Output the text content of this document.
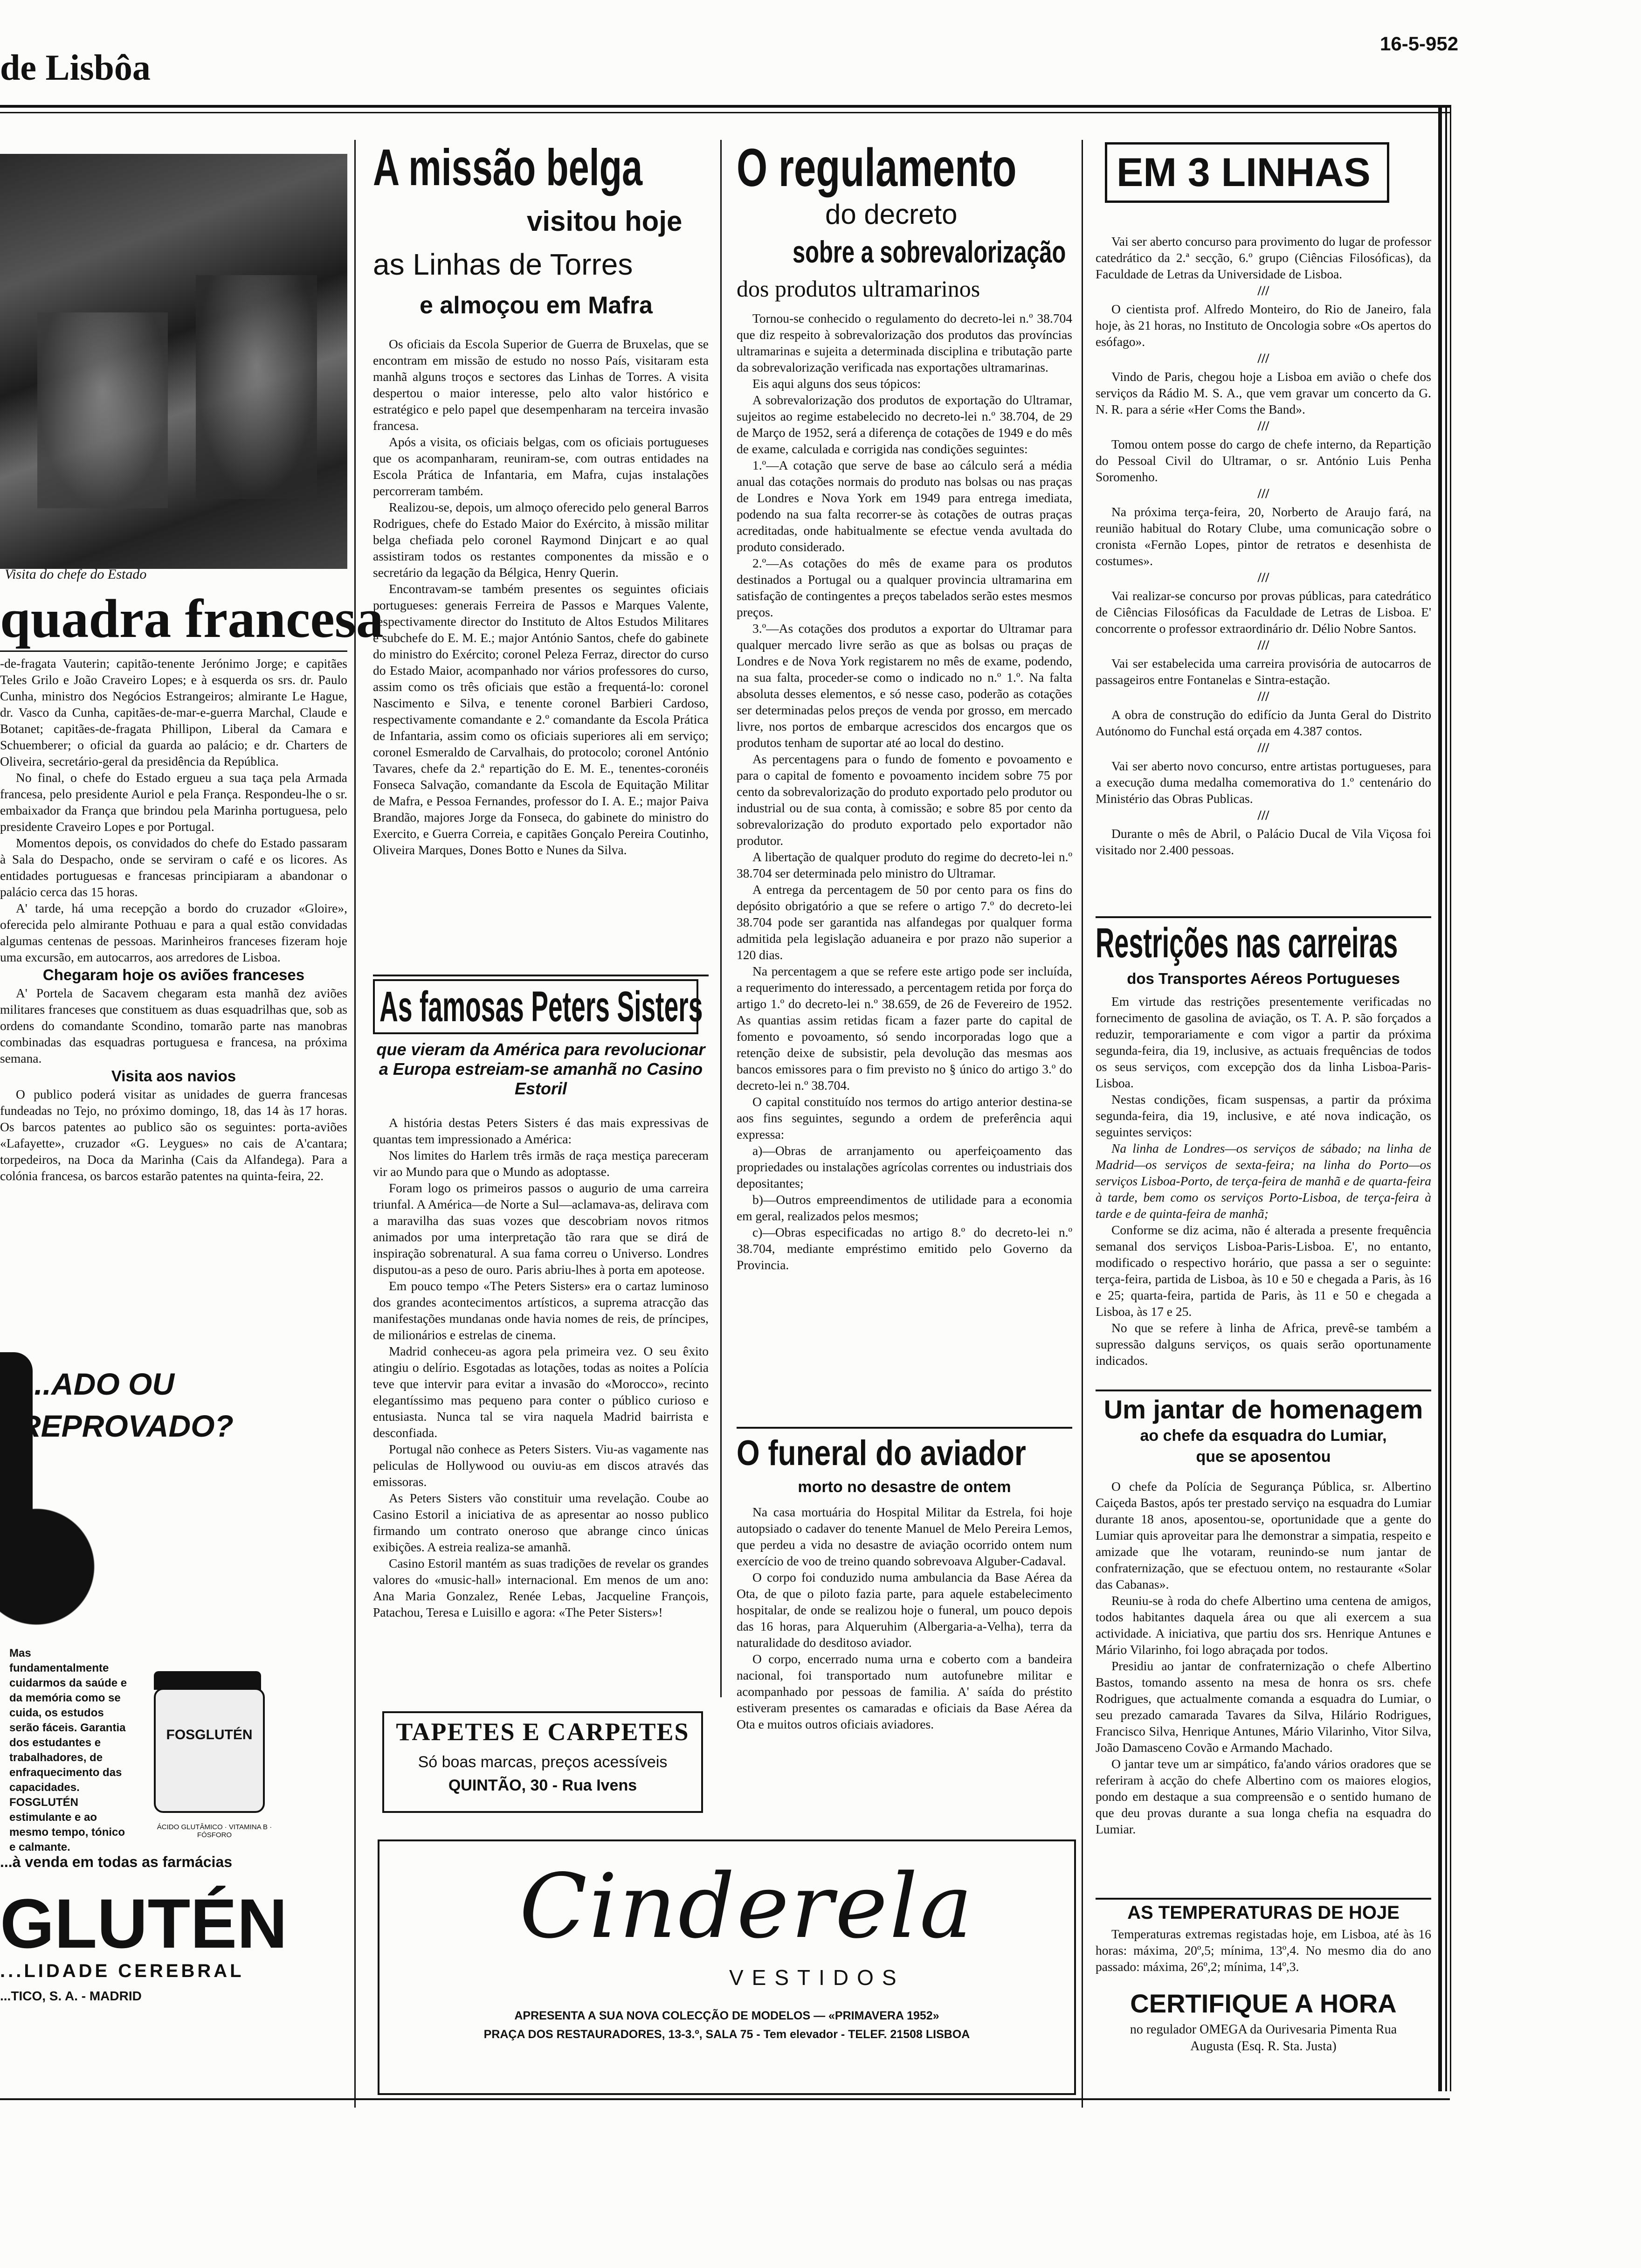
de Lisbôa
16-5-952
Visita do chefe do Estado
quadra francesa

-de-fragata Vauterin; capitão-tenente Jerónimo Jorge; e capitães Teles Grilo e João Craveiro Lopes; e à esquerda os srs. dr. Paulo Cunha, ministro dos Negócios Estrangeiros; almirante Le Hague, dr. Vasco da Cunha, capitães-de-mar-e-guerra Marchal, Claude e Botanet; capitães-de-fragata Phillipon, Liberal da Camara e Schuemberer; o oficial da guarda ao palácio; e dr. Charters de Oliveira, secretário-geral da presidência da República.

No final, o chefe do Estado ergueu a sua taça pela Armada francesa, pelo presidente Auriol e pela França. Respondeu-lhe o sr. embaixador da França que brindou pela Marinha portuguesa, pelo presidente Craveiro Lopes e por Portugal.

Momentos depois, os convidados do chefe do Estado passaram à Sala do Despacho, onde se serviram o café e os licores. As entidades portuguesas e francesas principiaram a abandonar o palácio cerca das 15 horas.

A' tarde, há uma recepção a bordo do cruzador «Gloire», oferecida pelo almirante Pothuau e para a qual estão convidadas algumas centenas de pessoas. Marinheiros franceses fizeram hoje uma excursão, em autocarros, aos arredores de Lisboa.

Chegaram hoje os aviões franceses

A' Portela de Sacavem chegaram esta manhã dez aviões militares franceses que constituem as duas esquadrilhas que, sob as ordens do comandante Scondino, tomarão parte nas manobras combinadas das esquadras portuguesa e francesa, na próxima semana.

Visita aos navios

O publico poderá visitar as unidades de guerra francesas fundeadas no Tejo, no próximo domingo, 18, das 14 às 17 horas. Os barcos patentes ao publico são os seguintes: porta-aviões «Lafayette», cruzador «G. Leygues» no cais de A'cantara; torpedeiros, na Doca da Marinha (Cais da Alfandega). Para a colónia francesa, os barcos estarão patentes na quinta-feira, 22.

...ADO OU
REPROVADO?
Mas fundamentalmente cuidarmos da saúde e da memória como se cuida, os estudos serão fáceis. Garantia dos estudantes e trabalhadores, de enfraquecimento das capacidades. FOSGLUTÉN estimulante e ao mesmo tempo, tónico e calmante.
FOSGLUTÉN
ÁCIDO GLUTÂMICO · VITAMINA B · FÓSFORO
...à venda em todas as farmácias
GLUTÉN
...LIDADE CEREBRAL
...TICO, S. A. - MADRID
A missão belga
visitou hoje
as Linhas de Torres
e almoçou em Mafra

Os oficiais da Escola Superior de Guerra de Bruxelas, que se encontram em missão de estudo no nosso País, visitaram esta manhã alguns troços e sectores das Linhas de Torres. A visita despertou o maior interesse, pelo alto valor histórico e estratégico e pelo papel que desempenharam na terceira invasão francesa.

Após a visita, os oficiais belgas, com os oficiais portugueses que os acompanharam, reuniram-se, com outras entidades na Escola Prática de Infantaria, em Mafra, cujas instalações percorreram também.

Realizou-se, depois, um almoço oferecido pelo general Barros Rodrigues, chefe do Estado Maior do Exército, à missão militar belga chefiada pelo coronel Raymond Dinjcart e ao qual assistiram todos os restantes componentes da missão e o secretário da legação da Bélgica, Henry Querin.

Encontravam-se também presentes os seguintes oficiais portugueses: generais Ferreira de Passos e Marques Valente, respectivamente director do Instituto de Altos Estudos Militares e subchefe do E. M. E.; major António Santos, chefe do gabinete do ministro do Exército; coronel Peleza Ferraz, director do curso do Estado Maior, acompanhado nor vários professores do curso, assim como os três oficiais que estão a frequentá-lo: coronel Nascimento e Silva, e tenente coronel Barbieri Cardoso, respectivamente comandante e 2.º comandante da Escola Prática de Infantaria, assim como os oficiais superiores ali em serviço; coronel Esmeraldo de Carvalhais, do protocolo; coronel António Tavares, chefe da 2.ª repartição do E. M. E., tenentes-coronéis Fonseca Salvação, comandante da Escola de Equitação Militar de Mafra, e Pessoa Fernandes, professor do I. A. E.; major Paiva Brandão, majores Jorge da Fonseca, do gabinete do ministro do Exercito, e Guerra Correia, e capitães Gonçalo Pereira Coutinho, Oliveira Marques, Dones Botto e Nunes da Silva.

As famosas Peters Sisters
que vieram da América para revolucionar a Europa estreiam-se amanhã no Casino Estoril

A história destas Peters Sisters é das mais expressivas de quantas tem impressionado a América:

Nos limites do Harlem três irmãs de raça mestiça pareceram vir ao Mundo para que o Mundo as adoptasse.

Foram logo os primeiros passos o augurio de uma carreira triunfal. A América—de Norte a Sul—aclamava-as, delirava com a maravilha das suas vozes que descobriam novos ritmos animados por uma interpretação tão rara que se dirá de inspiração sobrenatural. A sua fama correu o Universo. Londres disputou-as a peso de ouro. Paris abriu-lhes à porta em apoteose.

Em pouco tempo «The Peters Sisters» era o cartaz luminoso dos grandes acontecimentos artísticos, a suprema atracção das manifestações mundanas onde havia nomes de reis, de príncipes, de milionários e estrelas de cinema.

Madrid conheceu-as agora pela primeira vez. O seu êxito atingiu o delírio. Esgotadas as lotações, todas as noites a Polícia teve que intervir para evitar a invasão do «Morocco», recinto elegantíssimo mas pequeno para conter o público curioso e entusiasta. Nunca tal se vira naquela Madrid bairrista e desconfiada.

Portugal não conhece as Peters Sisters. Viu-as vagamente nas peliculas de Hollywood ou ouviu-as em discos através das emissoras.

As Peters Sisters vão constituir uma revelação. Coube ao Casino Estoril a iniciativa de as apresentar ao nosso publico firmando um contrato oneroso que abrange cinco únicas exibições. A estreia realiza-se amanhã.

Casino Estoril mantém as suas tradições de revelar os grandes valores do «music-hall» internacional. Em menos de um ano: Ana Maria Gonzalez, Renée Lebas, Jacqueline François, Patachou, Teresa e Luisillo e agora: «The Peter Sisters»!

TAPETES E CARPETES
Só boas marcas, preços acessíveis
QUINTÃO, 30 - Rua Ivens
O regulamento
do decreto
sobre a sobrevalorização
dos produtos ultramarinos

Tornou-se conhecido o regulamento do decreto-lei n.º 38.704 que diz respeito à sobrevalorização dos produtos das províncias ultramarinas e sujeita a determinada disciplina e tributação parte da sobrevalorização verificada nas exportações ultramarinas.

Eis aqui alguns dos seus tópicos:

A sobrevalorização dos produtos de exportação do Ultramar, sujeitos ao regime estabelecido no decreto-lei n.º 38.704, de 29 de Março de 1952, será a diferença de cotações de 1949 e do mês de exame, calculada e corrigida nas condições seguintes:

1.º—A cotação que serve de base ao cálculo será a média anual das cotações normais do produto nas bolsas ou nas praças de Londres e Nova York em 1949 para entrega imediata, podendo na sua falta recorrer-se às cotações de outras praças acreditadas, onde habitualmente se efectue venda avultada do produto considerado.

2.º—As cotações do mês de exame para os produtos destinados a Portugal ou a qualquer provincia ultramarina em satisfação de contingentes a preços tabelados serão estes mesmos preços.

3.º—As cotações dos produtos a exportar do Ultramar para qualquer mercado livre serão as que as bolsas ou praças de Londres e de Nova York registarem no mês de exame, podendo, na sua falta, proceder-se como o indicado no n.º 1.º. Na falta absoluta desses elementos, e só nesse caso, poderão as cotações ser determinadas pelos preços de venda por grosso, em mercado livre, nos portos de embarque acrescidos dos encargos que os produtos tenham de suportar até ao local do destino.

As percentagens para o fundo de fomento e povoamento e para o capital de fomento e povoamento incidem sobre 75 por cento da sobrevalorização do produto exportado pelo produtor ou industrial ou de sua conta, à comissão; e sobre 85 por cento da sobrevalorização do produto exportado pelo exportador não produtor.

A libertação de qualquer produto do regime do decreto-lei n.º 38.704 ser determinada pelo ministro do Ultramar.

A entrega da percentagem de 50 por cento para os fins do depósito obrigatório a que se refere o artigo 7.º do decreto-lei 38.704 pode ser garantida nas alfandegas por qualquer forma admitida pela legislação aduaneira e por prazo não superior a 120 dias.

Na percentagem a que se refere este artigo pode ser incluída, a requerimento do interessado, a percentagem retida por força do artigo 1.º do decreto-lei n.º 38.659, de 26 de Fevereiro de 1952. As quantias assim retidas ficam a fazer parte do capital de fomento e povoamento, só sendo incorporadas logo que a retenção deixe de subsistir, pela devolução das mesmas aos bancos emissores para o fim previsto no § único do artigo 3.º do decreto-lei n.º 38.704.

O capital constituído nos termos do artigo anterior destina-se aos fins seguintes, segundo a ordem de preferência aqui expressa:

a)—Obras de arranjamento ou aperfeiçoamento das propriedades ou instalações agrícolas correntes ou industriais dos depositantes;

b)—Outros empreendimentos de utilidade para a economia em geral, realizados pelos mesmos;

c)—Obras especificadas no artigo 8.º do decreto-lei n.º 38.704, mediante empréstimo emitido pelo Governo da Provincia.

O funeral do aviador
morto no desastre de ontem

Na casa mortuária do Hospital Militar da Estrela, foi hoje autopsiado o cadaver do tenente Manuel de Melo Pereira Lemos, que perdeu a vida no desastre de aviação ocorrido ontem num exercício de voo de treino quando sobrevoava Alguber-Cadaval.

O corpo foi conduzido numa ambulancia da Base Aérea da Ota, de que o piloto fazia parte, para aquele estabelecimento hospitalar, de onde se realizou hoje o funeral, um pouco depois das 16 horas, para Alqueruhim (Albergaria-a-Velha), terra da naturalidade do desditoso aviador.

O corpo, encerrado numa urna e coberto com a bandeira nacional, foi transportado num autofunebre militar e acompanhado por pessoas de familia. A' saída do préstito estiveram presentes os camaradas e oficiais da Base Aérea da Ota e muitos outros oficiais aviadores.

Cinderela
VESTIDOS
APRESENTA A SUA NOVA COLECÇÃO DE MODELOS — «PRIMAVERA 1952»
PRAÇA DOS RESTAURADORES, 13-3.º, SALA 75 - Tem elevador - TELEF. 21508 LISBOA
EM 3 LINHAS

Vai ser aberto concurso para provimento do lugar de professor catedrático da 2.ª secção, 6.º grupo (Ciências Filosóficas), da Faculdade de Letras da Universidade de Lisboa.

///

O cientista prof. Alfredo Monteiro, do Rio de Janeiro, fala hoje, às 21 horas, no Instituto de Oncologia sobre «Os apertos do esófago».

///

Vindo de Paris, chegou hoje a Lisboa em avião o chefe dos serviços da Rádio M. S. A., que vem gravar um concerto da G. N. R. para a série «Her Coms the Band».

///

Tomou ontem posse do cargo de chefe interno, da Repartição do Pessoal Civil do Ultramar, o sr. António Luis Penha Soromenho.

///

Na próxima terça-feira, 20, Norberto de Araujo fará, na reunião habitual do Rotary Clube, uma comunicação sobre o cronista «Fernão Lopes, pintor de retratos e desenhista de costumes».

///

Vai realizar-se concurso por provas públicas, para catedrático de Ciências Filosóficas da Faculdade de Letras de Lisboa. E' concorrente o professor extraordinário dr. Délio Nobre Santos.

///

Vai ser estabelecida uma carreira provisória de autocarros de passageiros entre Fontanelas e Sintra-estação.

///

A obra de construção do edifício da Junta Geral do Distrito Autónomo do Funchal está orçada em 4.387 contos.

///

Vai ser aberto novo concurso, entre artistas portugueses, para a execução duma medalha comemorativa do 1.º centenário do Ministério das Obras Publicas.

///

Durante o mês de Abril, o Palácio Ducal de Vila Viçosa foi visitado nor 2.400 pessoas.

Restrições nas carreiras
dos Transportes Aéreos Portugueses

Em virtude das restrições presentemente verificadas no fornecimento de gasolina de aviação, os T. A. P. são forçados a reduzir, temporariamente e com vigor a partir da próxima segunda-feira, dia 19, inclusive, as actuais frequências de todos os seus serviços, com excepção dos da linha Lisboa-Paris-Lisboa.

Nestas condições, ficam suspensas, a partir da próxima segunda-feira, dia 19, inclusive, e até nova indicação, os seguintes serviços:

Na linha de Londres—os serviços de sábado; na linha de Madrid—os serviços de sexta-feira; na linha do Porto—os serviços Lisboa-Porto, de terça-feira de manhã e de quarta-feira à tarde, bem como os serviços Porto-Lisboa, de terça-feira à tarde e de quinta-feira de manhã;

Conforme se diz acima, não é alterada a presente frequência semanal dos serviços Lisboa-Paris-Lisboa. E', no entanto, modificado o respectivo horário, que passa a ser o seguinte: terça-feira, partida de Lisboa, às 10 e 50 e chegada a Paris, às 16 e 25; quarta-feira, partida de Paris, às 11 e 50 e chegada a Lisboa, às 17 e 25.

No que se refere à linha de Africa, prevê-se também a supressão dalguns serviços, os quais serão oportunamente indicados.

Um jantar de homenagem
ao chefe da esquadra do Lumiar,
que se aposentou

O chefe da Polícia de Segurança Pública, sr. Albertino Caiçeda Bastos, após ter prestado serviço na esquadra do Lumiar durante 18 anos, aposentou-se, oportunidade que a gente do Lumiar quis aproveitar para lhe demonstrar a simpatia, respeito e amizade que lhe votaram, reunindo-se num jantar de confraternização, que se efectuou ontem, no restaurante «Solar das Cabanas».

Reuniu-se à roda do chefe Albertino uma centena de amigos, todos habitantes daquela área ou que ali exercem a sua actividade. A iniciativa, que partiu dos srs. Henrique Antunes e Mário Vilarinho, foi logo abraçada por todos.

Presidiu ao jantar de confraternização o chefe Albertino Bastos, tomando assento na mesa de honra os srs. chefe Rodrigues, que actualmente comanda a esquadra do Lumiar, o seu prezado camarada Tavares da Silva, Hilário Rodrigues, Francisco Silva, Henrique Antunes, Mário Vilarinho, Vitor Silva, João Damasceno Covão e Armando Machado.

O jantar teve um ar simpático, fa'ando vários oradores que se referiram à acção do chefe Albertino com os maiores elogios, pondo em destaque a sua compreensão e o sentido humano de que deu provas durante a sua longa chefia na esquadra do Lumiar.

AS TEMPERATURAS DE HOJE
Temperaturas extremas registadas hoje, em Lisboa, até às 16 horas: máxima, 20º,5; mínima, 13º,4. No mesmo dia do ano passado: máxima, 26º,2; mínima, 14º,3.
CERTIFIQUE A HORA
no regulador OMEGA da Ourivesaria Pimenta Rua Augusta (Esq. R. Sta. Justa)
